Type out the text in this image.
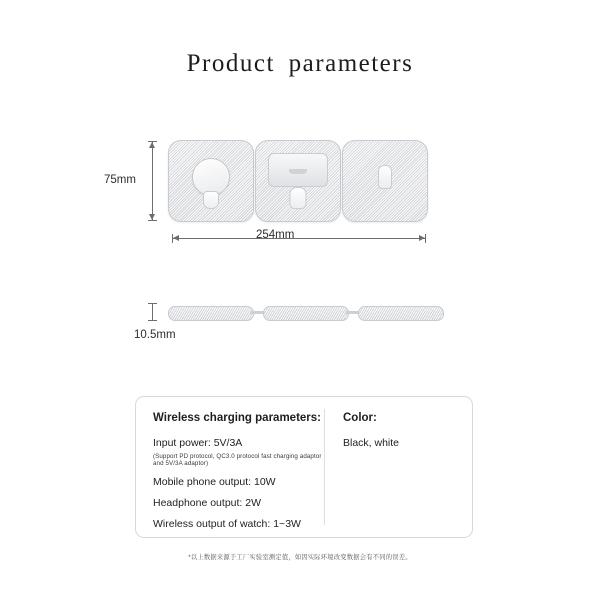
Product parameters
75mm
254mm
10.5mm
Wireless charging parameters:
Input power: 5V/3A
(Support PD protocol, QC3.0 protocol fast charging adaptor and 5V/3A adaptor)
Mobile phone output: 10W
Headphone output: 2W
Wireless output of watch: 1~3W
Color:
Black, white
*以上数据来源于工厂实验室测定值，如因实际环境改变数据会有不同的误差。
